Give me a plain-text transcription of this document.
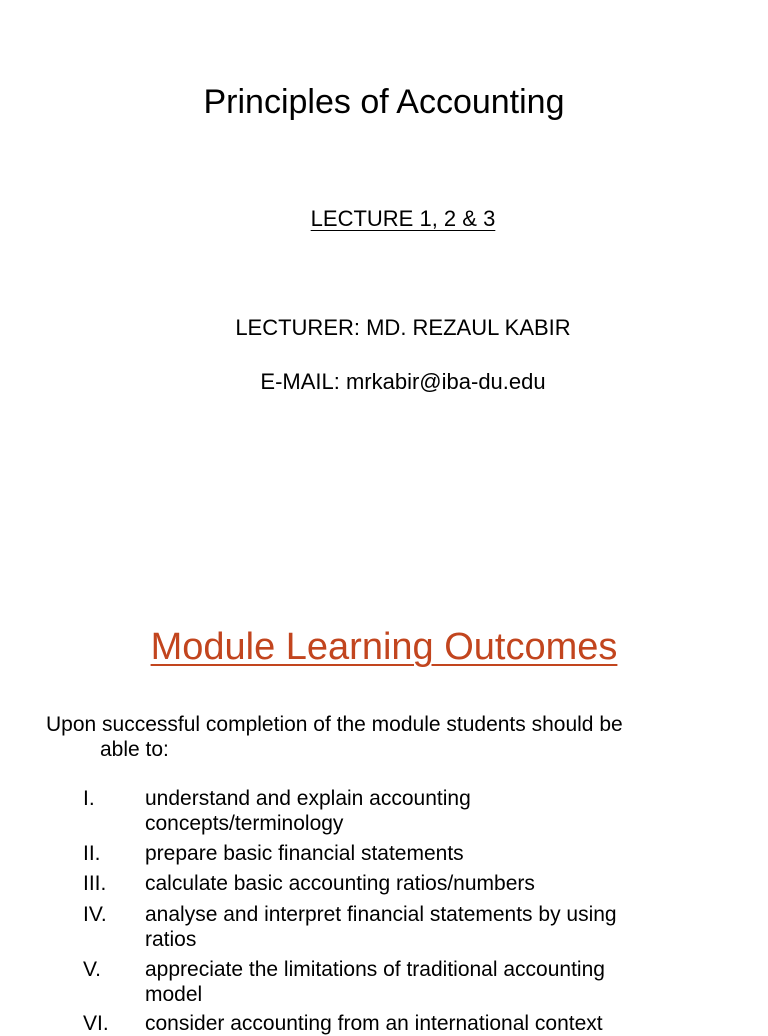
Principles of Accounting
LECTURE 1, 2 & 3
LECTURER: MD. REZAUL KABIR
E-MAIL: mrkabir@iba-du.edu
Module Learning Outcomes
Upon successful completion of the module students should be
able to:
I. understand and explain accounting
concepts/terminology
II. prepare basic financial statements
III. calculate basic accounting ratios/numbers
IV. analyse and interpret financial statements by using
ratios
V. appreciate the limitations of traditional accounting
model
VI. consider accounting from an international context
